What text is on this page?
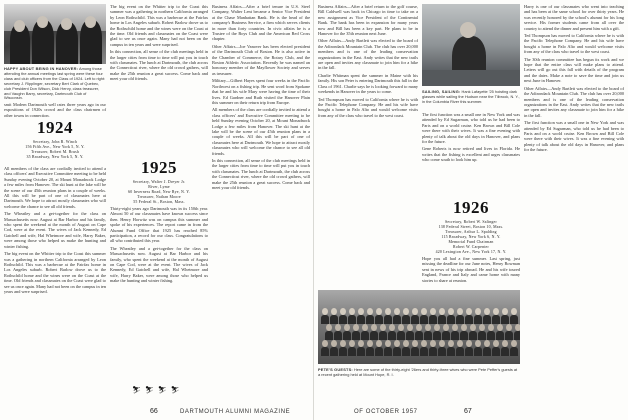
HAPPY ABOUT BEING IN HANOVER: Among those attending the annual meetings last spring were these four class and club officers from the Class of 1924. Left to right: secretary J. Ripplinger, secretary Bert Clark of Quebec, club President Don Wilson, Dick Henry, class treasurer, and Vaughn Barry, secretary, Dartmouth Club of Wisconsin.

smit Modern Dartmouth well rates three years ago in our expositions of 1920s crowd and the class chairmen of other towns in connection.

1924
Secretary, John R. Winch
156 Fifth Ave., New York 5, N. Y.
Treasurer, Robert M. Brush
35 Broadway, New York 5, N. Y.

All members of the class are cordially invited to attend a class officers' and Executive Committee meeting to be held Sunday evening October 20, at Mount Monadnock Lodge a few miles from Hanover. The ski hunt at the lake will be the scene of our 45th reunion plans in a couple of weeks. All this will be part of one of classmates here at Dartmouth. We hope to attract mostly classmates who will welcome the chance to see all old friends.

The Wheatley and a get-together for the class on Massachusetts now. August at Bar Harbor and his family, who spent the weekend at the month of August on Cape Cod, were at the event. The wives of Jack Kennedy, Ed Gatchell and wife, Hal Whetmore and wife, Harry Baker, were among those who helped us make the hunting and winter fishing.

The big event on the Whitter trip to the Coast this summer was a gathering in northern California arranged by Leon Rothschild. This was a barbecue at the Fairfax home in Los Angeles suburb. Robert Barlow drove us to the Rothschild home and the wines were on the Coast at the time. Old friends and classmates on the Coast were glad to see us once again. Many had not been on the campus in ten years and were surprised.

The big event on the Whitter trip to the Coast this summer was a gathering in northern California arranged by Leon Rothschild. This was a barbecue at the Fairfax home in Los Angeles suburb. Robert Barlow drove us to the Rothschild home and the wines were on the Coast at the time. Old friends and classmates on the Coast were glad to see us once again. Many had not been on the campus in ten years and were surprised.

In this connection, all sense of the club meetings held in the larger cities from time to time will put you in touch with classmates. The lunch at Dartmouth, the club across the Connecticut river, where the old crowd gathers, will make the 25th reunion a great success. Come back and meet your old friends.

1925
Secretary, Walter J. Dreyer Jr.
River, Lyme
60 Inverness Road, New Rye, N. Y.
Treasurer, Nathan Moore
55 Federal St., Boston, Mass.

Thirty-eight years ago Dartmouth was in its 150th year. Almost 50 of our classmates have known success since then. Henry Horwitz was on campus this summer and spoke of his experiences. The report came in from the Alumni Fund Office that 1925 has reached 85% participation, a record for our class. Congratulations to all who contributed this year.

The Wheatley and a get-together for the class on Massachusetts now. August at Bar Harbor and his family, who spent the weekend at the month of August on Cape Cod, were at the event. The wives of Jack Kennedy, Ed Gatchell and wife, Hal Whetmore and wife, Harry Baker, were among those who helped us make the hunting and winter fishing.

⛷ ⛷ ⛷ ⛷

Business Affairs—After a brief tenure in U.S. Steel Company, Walter Lent became a Senior Vice President at the Chase Manhattan Bank. He is the head of the company's Business Service, a firm which serves clients in more than forty countries. In civic affairs he is a Trustee of the Boys Club and the American Red Cross chapter.

Other Affairs—Joe Vanover has been elected president of the Dartmouth Club of Boston. He is also active in the Chamber of Commerce, the Rotary Club, and the Boston Athletic Association. Recently he was named an honorary member of the Mayflower Society and serves as treasurer.

Military—Gilbert Hayes spent four weeks in the Pacific Northwest on a fishing trip. He sent word from Spokane that he and his wife Mary were having the time of their lives. Ed Gardner and Ruth visited the Hanover Plain this summer on their return trip from Europe.

All members of the class are cordially invited to attend a class officers' and Executive Committee meeting to be held Sunday evening October 20, at Mount Monadnock Lodge a few miles from Hanover. The ski hunt at the lake will be the scene of our 45th reunion plans in a couple of weeks. All this will be part of one of classmates here at Dartmouth. We hope to attract mostly classmates who will welcome the chance to see all old friends.

In this connection, all sense of the club meetings held in the larger cities from time to time will put you in touch with classmates. The lunch at Dartmouth, the club across the Connecticut river, where the old crowd gathers, will make the 25th reunion a great success. Come back and meet your old friends.

66	DARTMOUTH ALUMNI MAGAZINE

Business Affairs—After a brief return to the golf course, Bill Caldwell was back in Chicago in time to take on a new assignment as Vice President of the Continental Bank. The bank has been in expansion for many years now and Bill has been a key part. He plans to be in Hanover for the 35th reunion next June.

Other Affairs—Andy Bartlett was elected to the board of the Adirondack Mountain Club. The club has over 20,000 members and is one of the leading conservation organizations in the East. Andy writes that the new trails are open and invites any classmate to join him for a hike in the fall.

Charlie Whitman spent the summer in Maine with his family. His son Peter is entering Dartmouth this fall in the Class of 1961. Charlie says he is looking forward to many weekends in Hanover in the years to come.

Ted Thompson has moved to California where he is with the Pacific Telephone Company. He and his wife have bought a home in Palo Alto and would welcome visits from any of the class who travel to the west coast.

SAILING, SAILING: Hank Lafayette '25 hoisting dark glasses while sailing the Hudson near the Tilbrook, N. Y., in the Columbia River this summer.

The first function was a small one in New York and was attended by Ed Sugarman, who told us he had been to Paris and on a world cruise. Ken Brown and Bill Cole were there with their wives. It was a fine evening with plenty of talk about the old days in Hanover, and plans for the future.

Gene Roberts is now retired and lives in Florida. He writes that the fishing is excellent and urges classmates who come south to look him up.

1926
Secretary, Robert W. Salinger
138 Federal Street, Boston 10, Mass.
Treasurer, Arthur L. Spalding
115 Broadway, New York 6, N. Y.
Memorial Fund Chairman
Robert W. Carpenter
420 Lexington Ave., New York 17, N. Y.

Hope you all had a fine summer. Last spring, just missing the deadline for our June notes, Henry Bowman sent in news of his trip abroad. He and his wife toured England, France and Italy and came home with many stories to share at reunion.

PETE'S GUESTS: Here are some of the thirty-eight '26ers and thirty-three wives who were Pete Peffer's guests at a recent gathering held at Mount Hope, R. I.

Harry is one of our classmates who went into teaching and has been at the same school for over thirty years. He was recently honored by the school's alumni for his long service. His former students came from all over the country to attend the dinner and present him with a gift.

Ted Thompson has moved to California where he is with the Pacific Telephone Company. He and his wife have bought a home in Palo Alto and would welcome visits from any of the class who travel to the west coast.

The 30th reunion committee has begun its work and we hope that the entire class will make plans to attend. Letters will go out this fall with details of the program and the dates. Make a note to save the time and join us next June in Hanover.

Other Affairs—Andy Bartlett was elected to the board of the Adirondack Mountain Club. The club has over 20,000 members and is one of the leading conservation organizations in the East. Andy writes that the new trails are open and invites any classmate to join him for a hike in the fall.

The first function was a small one in New York and was attended by Ed Sugarman, who told us he had been to Paris and on a world cruise. Ken Brown and Bill Cole were there with their wives. It was a fine evening with plenty of talk about the old days in Hanover, and plans for the future.

OF OCTOBER 1957	67
